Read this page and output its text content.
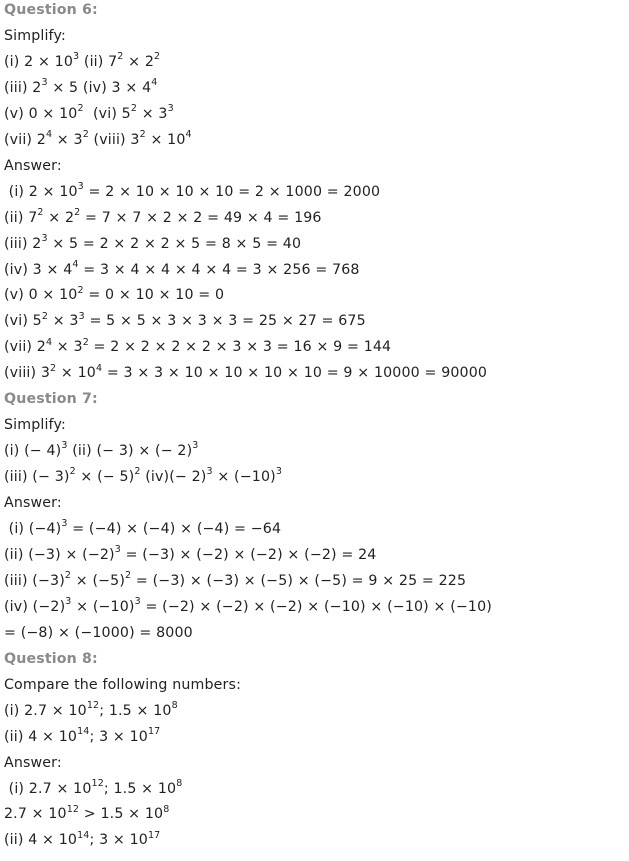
Question 6:
Simplify:
(i) $2 \times 10^3$ (ii) $7^2 \times 2^2$
(iii) $2^3 \times 5$ (iv) $3 \times 4^4$
(v) $0 \times 10^2$  (vi) $5^2 \times 3^3$
(vii) $2^4 \times 3^2$ (viii) $3^2 \times 10^4$
Answer:
(i) $2 \times 10^3 = 2 \times 10 \times 10 \times 10 = 2 \times 1000 = 2000$
(ii) $7^2 \times 2^2 = 7 \times 7 \times 2 \times 2 = 49 \times 4 = 196$
(iii) $2^3 \times 5 = 2 \times 2 \times 2 \times 5 = 8 \times 5 = 40$
(iv) $3 \times 4^4 = 3 \times 4 \times 4 \times 4 \times 4 = 3 \times 256 = 768$
(v) $0 \times 10^2 = 0 \times 10 \times 10 = 0$
(vi) $5^2 \times 3^3 = 5 \times 5 \times 3 \times 3 \times 3 = 25 \times 27 = 675$
(vii) $2^4 \times 3^2 = 2 \times 2 \times 2 \times 2 \times 3 \times 3 = 16 \times 9 = 144$
(viii) $3^2 \times 10^4 = 3 \times 3 \times 10 \times 10 \times 10 \times 10 = 9 \times 10000 = 90000$
Question 7:
Simplify:
(i) (− 4)$^3$ (ii) (− 3) × (− 2)$^3$
(iii) (− 3)$^2$ × (− 5)$^2$ $(iv)(- 2)^3 \times (-10)^3$
Answer:
(i) $(-4)^3 = (-4) \times (-4) \times (-4) = -64$
(ii) $(-3) \times (-2)^3 = (-3) \times (-2) \times (-2) \times (-2) = 24$
(iii) $(-3)^2 \times (-5)^2 = (-3) \times (-3) \times (-5) \times (-5) = 9 \times 25 = 225$
(iv) $(-2)^3 \times (-10)^3 = (-2) \times (-2) \times (-2) \times (-10) \times (-10) \times (-10)$
= (−8) × (−1000) = 8000
Question 8:
Compare the following numbers:
(i) $2.7 \times 10^{12}$; $1.5 \times 10^8$
(ii) $4 \times 10^{14}$; $3 \times 10^{17}$
Answer:
(i) $2.7 \times 10^{12}$; $1.5 \times 10^8$
$2.7 \times 10^{12} > 1.5 \times 10^8$
(ii) $4 \times 10^{14}$; $3 \times 10^{17}$
